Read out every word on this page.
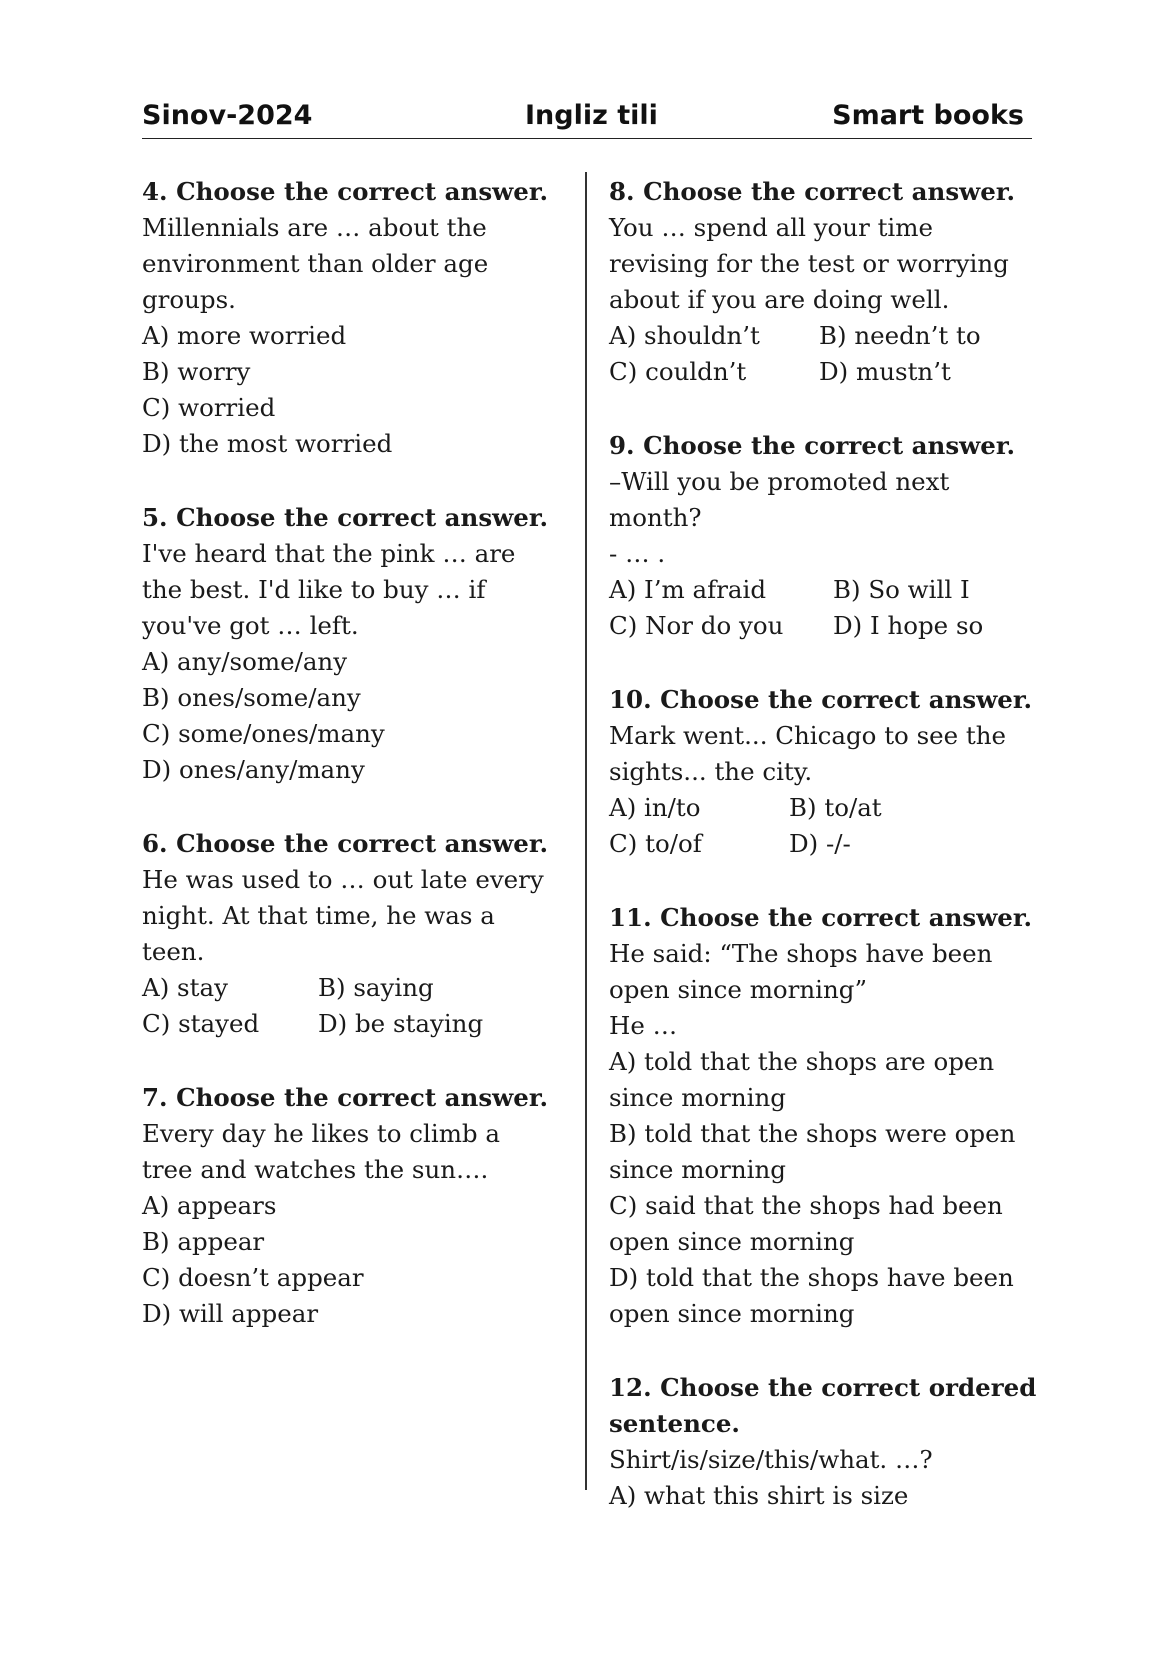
Sinov-2024	Ingliz tili	Smart books
4. Choose the correct answer.
Millennials are … about the
environment than older age
groups.
A) more worried
B) worry
C) worried
D) the most worried
5. Choose the correct answer.
I've heard that the pink … are
the best. I'd like to buy … if
you've got … left.
A) any/some/any
B) ones/some/any
C) some/ones/many
D) ones/any/many
6. Choose the correct answer.
He was used to … out late every
night. At that time, he was a
teen.
A) stay	B) saying
C) stayed	D) be staying
7. Choose the correct answer.
Every day he likes to climb a
tree and watches the sun….
A) appears
B) appear
C) doesn’t appear
D) will appear
8. Choose the correct answer.
You … spend all your time
revising for the test or worrying
about if you are doing well.
A) shouldn’t	B) needn’t to
C) couldn’t	D) mustn’t
9. Choose the correct answer.
–Will you be promoted next
month?
- … .
A) I’m afraid	B) So will I
C) Nor do you	D) I hope so
10. Choose the correct answer.
Mark went... Chicago to see the
sights... the city.
A) in/to	B) to/at
C) to/of	D) -/-
11. Choose the correct answer.
He said: “The shops have been
open since morning”
He …
A) told that the shops are open
since morning
B) told that the shops were open
since morning
C) said that the shops had been
open since morning
D) told that the shops have been
open since morning
12. Choose the correct ordered
sentence.
Shirt/is/size/this/what. …?
A) what this shirt is size
